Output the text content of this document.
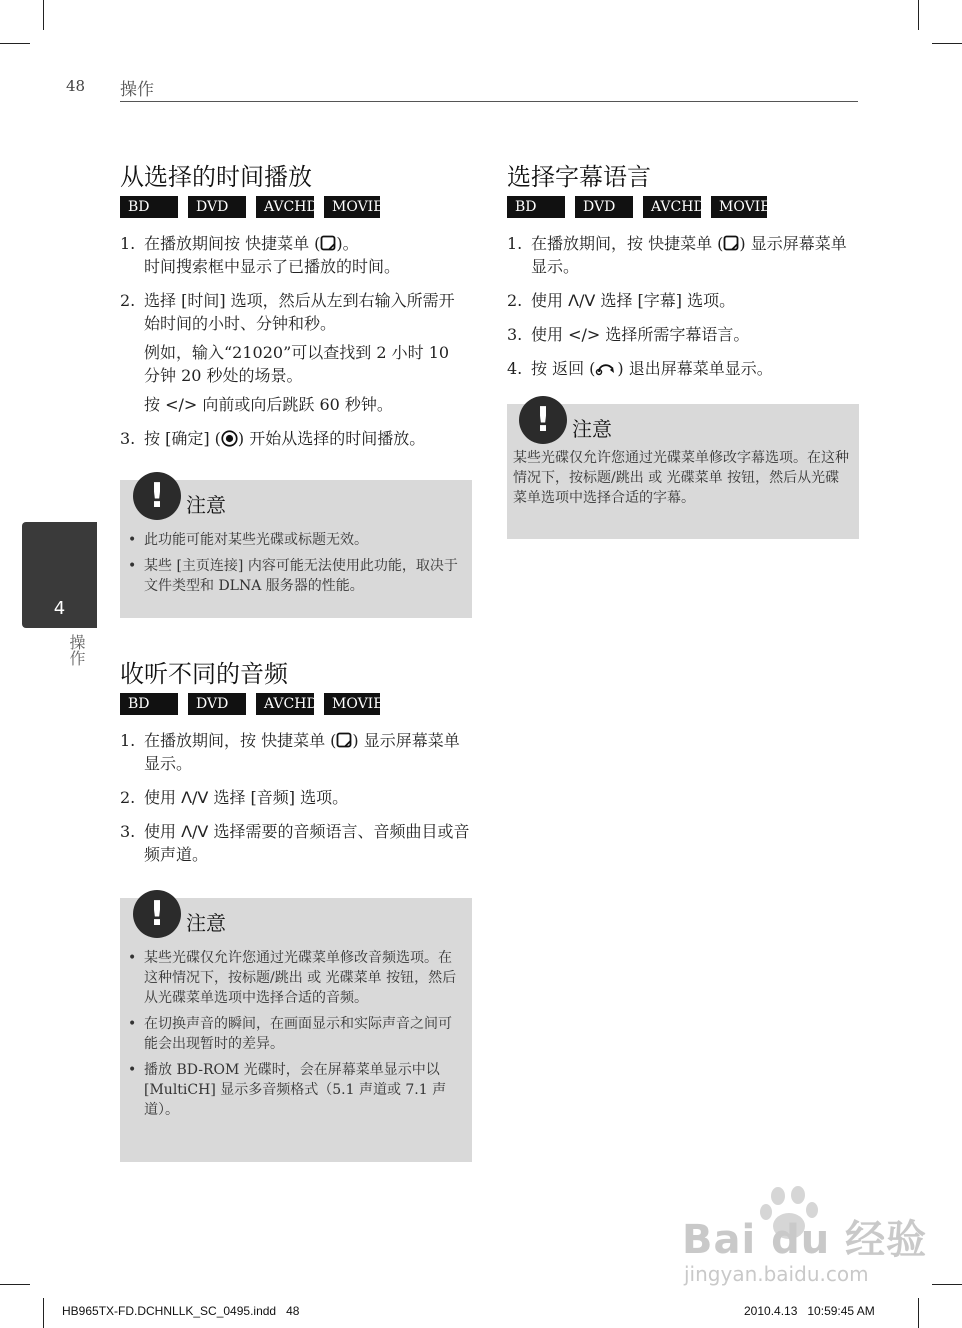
48 操作
4
操作
从选择的时间播放
BD	DVD	AVCHD	MOVIE
1. 在播放期间按 快捷菜单 ( )。

时间搜索框中显示了已播放的时间。

2. 选择 [时间] 选项，然后从左到右输入所需开始时间的小时、分钟和秒。

例如，输入“21020”可以查找到 2 小时 10 分钟 20 秒处的场景。

按 </> 向前或向后跳跃 60 秒钟。

3. 按 [确定] ( ) 开始从选择的时间播放。

!	注意
• 此功能可能对某些光碟或标题无效。
• 某些 [主页连接] 内容可能无法使用此功能，取决于文件类型和 DLNA 服务器的性能。
收听不同的音频
BD	DVD	AVCHD	MOVIE
1. 在播放期间，按 快捷菜单 ( ) 显示屏幕菜单显示。

2. 使用 Λ/V 选择 [音频] 选项。

3. 使用 Λ/V 选择需要的音频语言、音频曲目或音频声道。

!	注意
• 某些光碟仅允许您通过光碟菜单修改音频选项。在这种情况下，按标题/跳出 或 光碟菜单 按钮，然后从光碟菜单选项中选择合适的音频。
• 在切换声音的瞬间，在画面显示和实际声音之间可能会出现暂时的差异。
• 播放 BD-ROM 光碟时，会在屏幕菜单显示中以 [MultiCH] 显示多音频格式（5.1 声道或 7.1 声道）。
选择字幕语言
BD	DVD	AVCHD	MOVIE
1. 在播放期间，按 快捷菜单 ( ) 显示屏幕菜单显示。

2. 使用 Λ/V 选择 [字幕] 选项。

3. 使用 </> 选择所需字幕语言。

4. 按 返回 ( ) 退出屏幕菜单显示。

!	注意
某些光碟仅允许您通过光碟菜单修改字幕选项。在这种情况下，按标题/跳出 或 光碟菜单 按钮，然后从光碟菜单选项中选择合适的字幕。
Bai du 经验
jingyan.baidu.com
HB965TX-FD.DCHNLLK_SC_0495.indd   48	2010.4.13   10:59:45 AM
